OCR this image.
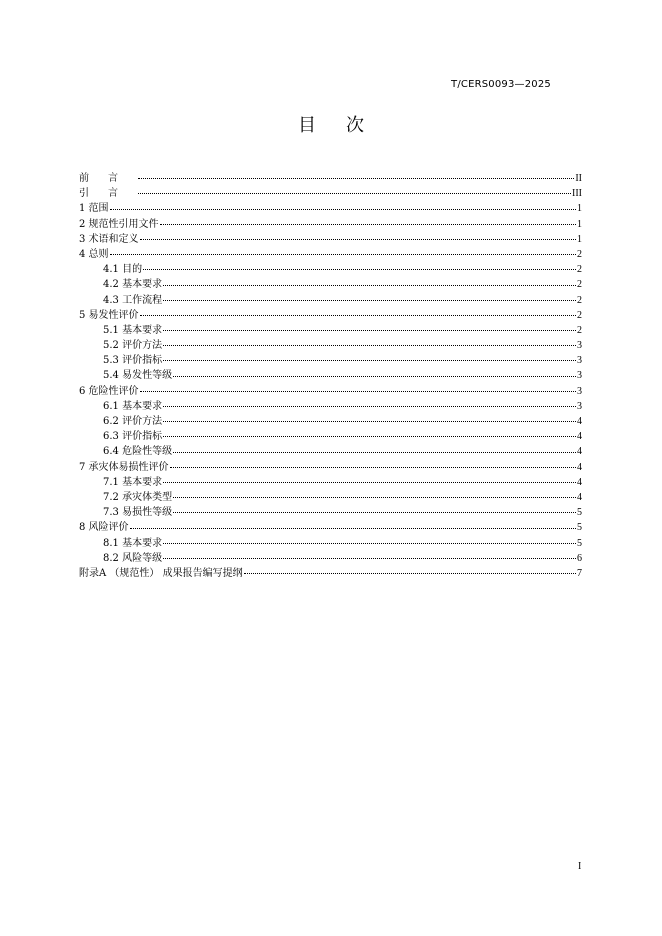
T/CERS0093—2025
目次
前言	II
引言	III
1 范围	1
2 规范性引用文件	1
3 术语和定义	1
4 总则	2
4.1 目的	2
4.2 基本要求	2
4.3 工作流程	2
5 易发性评价	2
5.1 基本要求	2
5.2 评价方法	3
5.3 评价指标	3
5.4 易发性等级	3
6 危险性评价	3
6.1 基本要求	3
6.2 评价方法	4
6.3 评价指标	4
6.4 危险性等级	4
7 承灾体易损性评价	4
7.1 基本要求	4
7.2 承灾体类型	4
7.3 易损性等级	5
8 风险评价	5
8.1 基本要求	5
8.2 风险等级	6
附录A （规范性） 成果报告编写提纲	7
I
